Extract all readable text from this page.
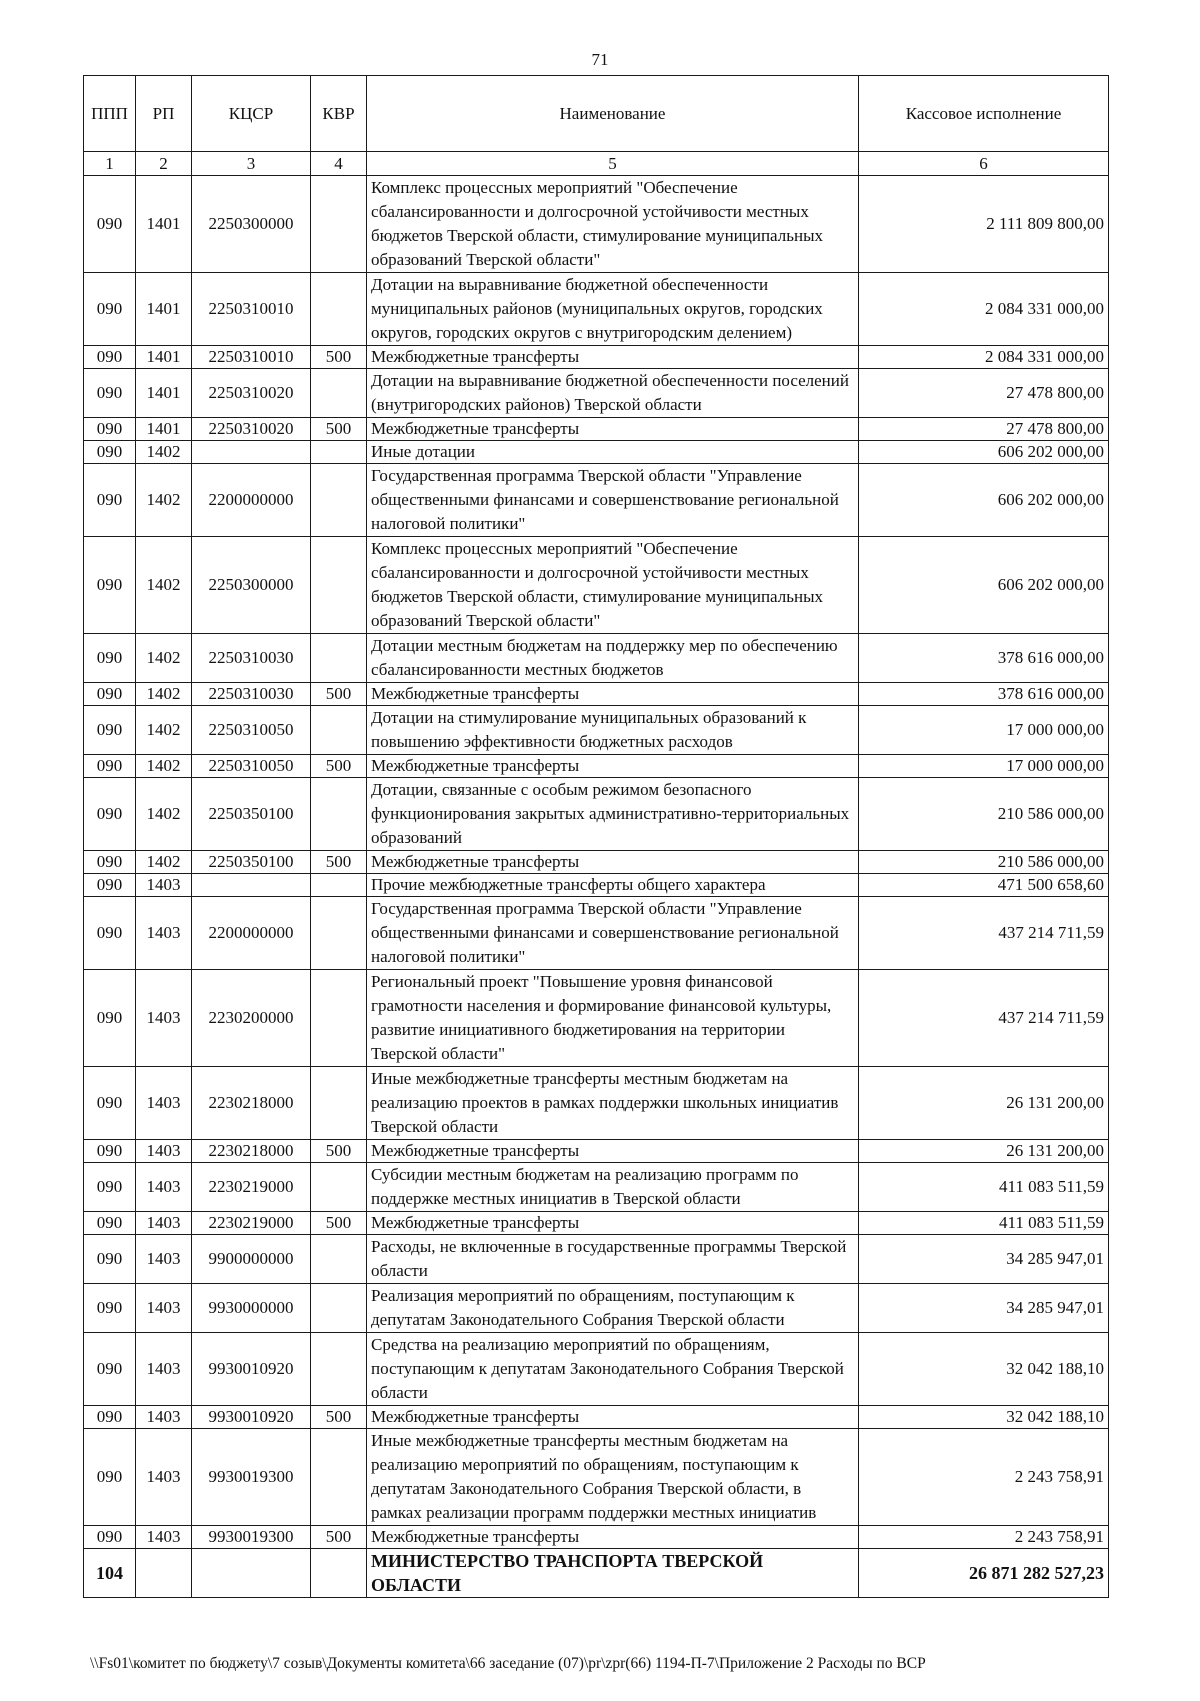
71
ППП	РП	КЦСР	КВР	Наименование	Кассовое исполнение
1	2	3	4	5	6
090	1401	2250300000		Комплекс процессных мероприятий "Обеспечение сбалансированности и долгосрочной устойчивости местных бюджетов Тверской области, стимулирование муниципальных образований Тверской области"	2 111 809 800,00
090	1401	2250310010		Дотации на выравнивание бюджетной обеспеченности муниципальных районов (муниципальных округов, городских округов, городских округов с внутригородским делением)	2 084 331 000,00
090	1401	2250310010	500	Межбюджетные трансферты	2 084 331 000,00
090	1401	2250310020		Дотации на выравнивание бюджетной обеспеченности поселений (внутригородских районов) Тверской области	27 478 800,00
090	1401	2250310020	500	Межбюджетные трансферты	27 478 800,00
090	1402			Иные дотации	606 202 000,00
090	1402	2200000000		Государственная программа Тверской области "Управление общественными финансами и совершенствование региональной налоговой политики"	606 202 000,00
090	1402	2250300000		Комплекс процессных мероприятий "Обеспечение сбалансированности и долгосрочной устойчивости местных бюджетов Тверской области, стимулирование муниципальных образований Тверской области"	606 202 000,00
090	1402	2250310030		Дотации местным бюджетам на поддержку мер по обеспечению сбалансированности местных бюджетов	378 616 000,00
090	1402	2250310030	500	Межбюджетные трансферты	378 616 000,00
090	1402	2250310050		Дотации на стимулирование муниципальных образований к повышению эффективности бюджетных расходов	17 000 000,00
090	1402	2250310050	500	Межбюджетные трансферты	17 000 000,00
090	1402	2250350100		Дотации, связанные с особым режимом безопасного функционирования закрытых административно-территориальных образований	210 586 000,00
090	1402	2250350100	500	Межбюджетные трансферты	210 586 000,00
090	1403			Прочие межбюджетные трансферты общего характера	471 500 658,60
090	1403	2200000000		Государственная программа Тверской области "Управление общественными финансами и совершенствование региональной налоговой политики"	437 214 711,59
090	1403	2230200000		Региональный проект "Повышение уровня финансовой грамотности населения и формирование финансовой культуры, развитие инициативного бюджетирования на территории Тверской области"	437 214 711,59
090	1403	2230218000		Иные межбюджетные трансферты местным бюджетам на реализацию проектов в рамках поддержки школьных инициатив Тверской области	26 131 200,00
090	1403	2230218000	500	Межбюджетные трансферты	26 131 200,00
090	1403	2230219000		Субсидии местным бюджетам на реализацию программ по поддержке местных инициатив в Тверской области	411 083 511,59
090	1403	2230219000	500	Межбюджетные трансферты	411 083 511,59
090	1403	9900000000		Расходы, не включенные в государственные программы Тверской области	34 285 947,01
090	1403	9930000000		Реализация мероприятий по обращениям, поступающим к депутатам Законодательного Собрания Тверской области	34 285 947,01
090	1403	9930010920		Средства на реализацию мероприятий по обращениям, поступающим к депутатам Законодательного Собрания Тверской области	32 042 188,10
090	1403	9930010920	500	Межбюджетные трансферты	32 042 188,10
090	1403	9930019300		Иные межбюджетные трансферты местным бюджетам на реализацию мероприятий по обращениям, поступающим к депутатам Законодательного Собрания Тверской области, в рамках реализации программ поддержки местных инициатив	2 243 758,91
090	1403	9930019300	500	Межбюджетные трансферты	2 243 758,91
104				МИНИСТЕРСТВО ТРАНСПОРТА ТВЕРСКОЙ ОБЛАСТИ	26 871 282 527,23
\\Fs01\комитет по бюджету\7 созыв\Документы комитета\66 заседание (07)\pr\zpr(66) 1194-П-7\Приложение 2 Расходы по ВСР
